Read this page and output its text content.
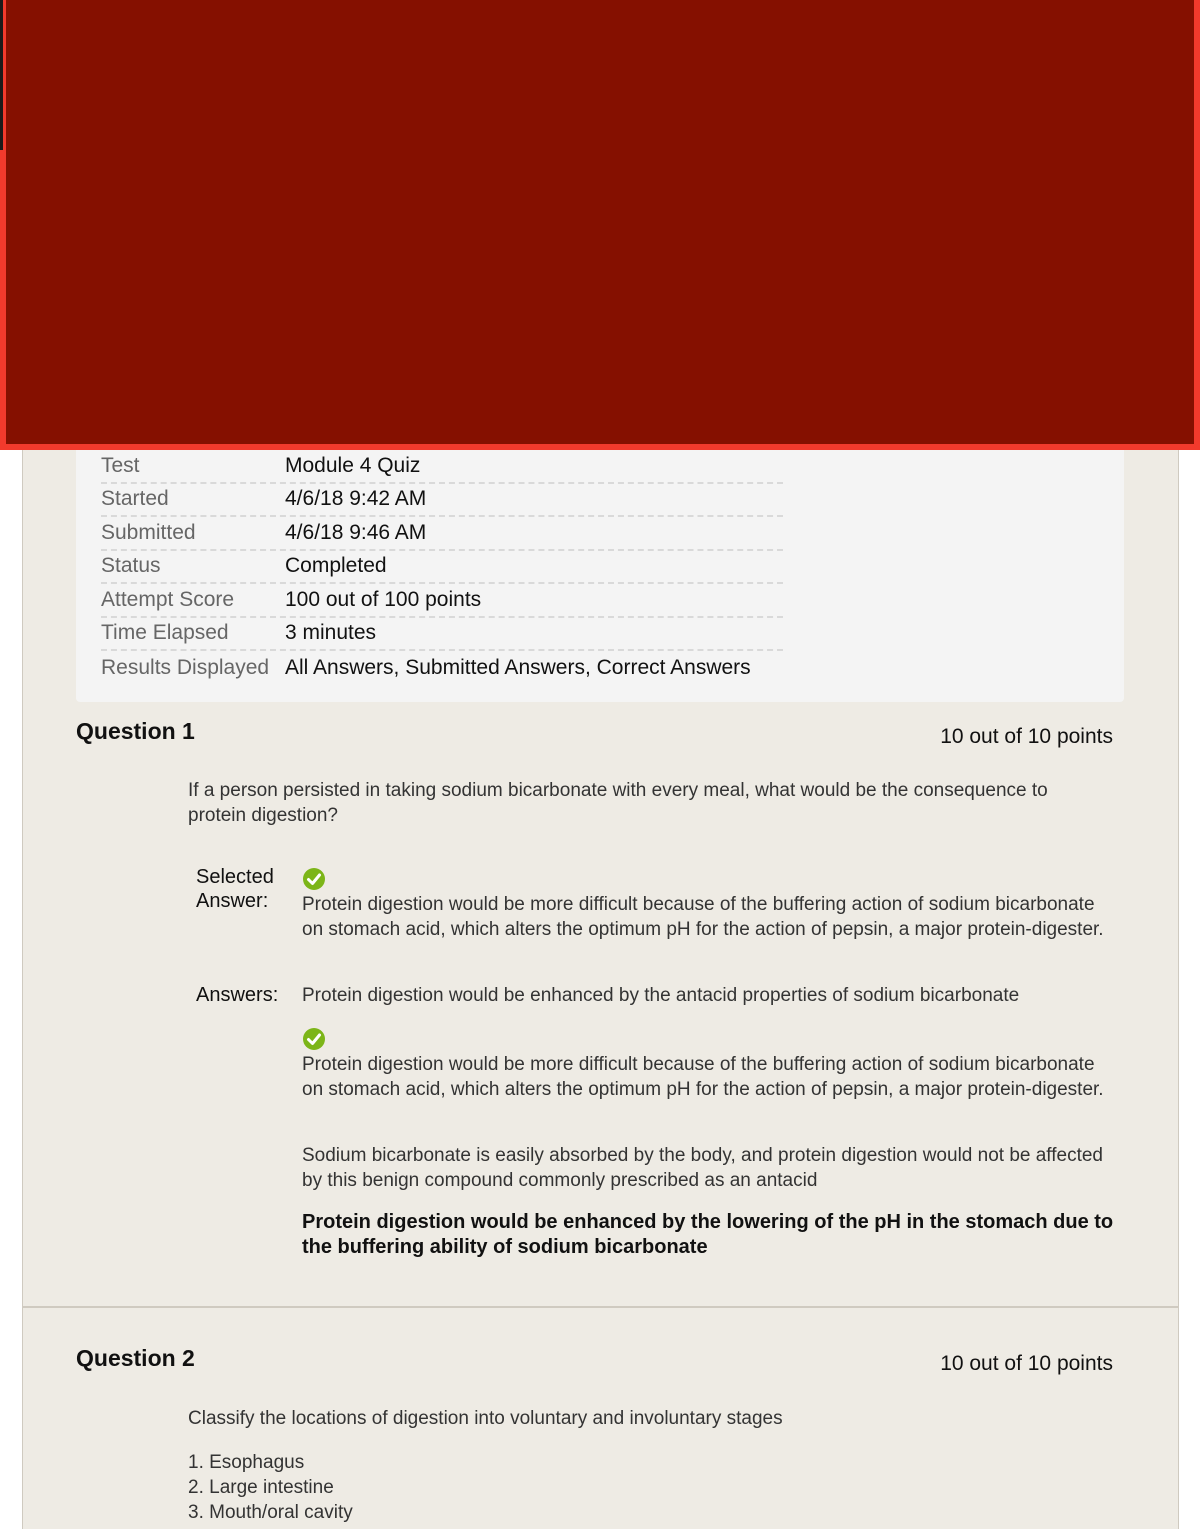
Test	Module 4 Quiz
Started	4/6/18 9:42 AM
Submitted	4/6/18 9:46 AM
Status	Completed
Attempt Score	100 out of 100 points
Time Elapsed	3 minutes
Results Displayed All Answers, Submitted Answers, Correct Answers
Question 1	10 out of 10 points
If a person persisted in taking sodium bicarbonate with every meal, what would be the consequence to protein digestion?
Selected
Answer: Protein digestion would be more difficult because of the buffering action of sodium bicarbonate on stomach acid, which alters the optimum pH for the action of pepsin, a major protein-digester.
Answers: Protein digestion would be enhanced by the antacid properties of sodium bicarbonate
Protein digestion would be more difficult because of the buffering action of sodium bicarbonate on stomach acid, which alters the optimum pH for the action of pepsin, a major protein-digester.
Sodium bicarbonate is easily absorbed by the body, and protein digestion would not be affected by this benign compound commonly prescribed as an antacid
Protein digestion would be enhanced by the lowering of the pH in the stomach due to the buffering ability of sodium bicarbonate
Question 2	10 out of 10 points
Classify the locations of digestion into voluntary and involuntary stages
1. Esophagus
2. Large intestine
3. Mouth/oral cavity
